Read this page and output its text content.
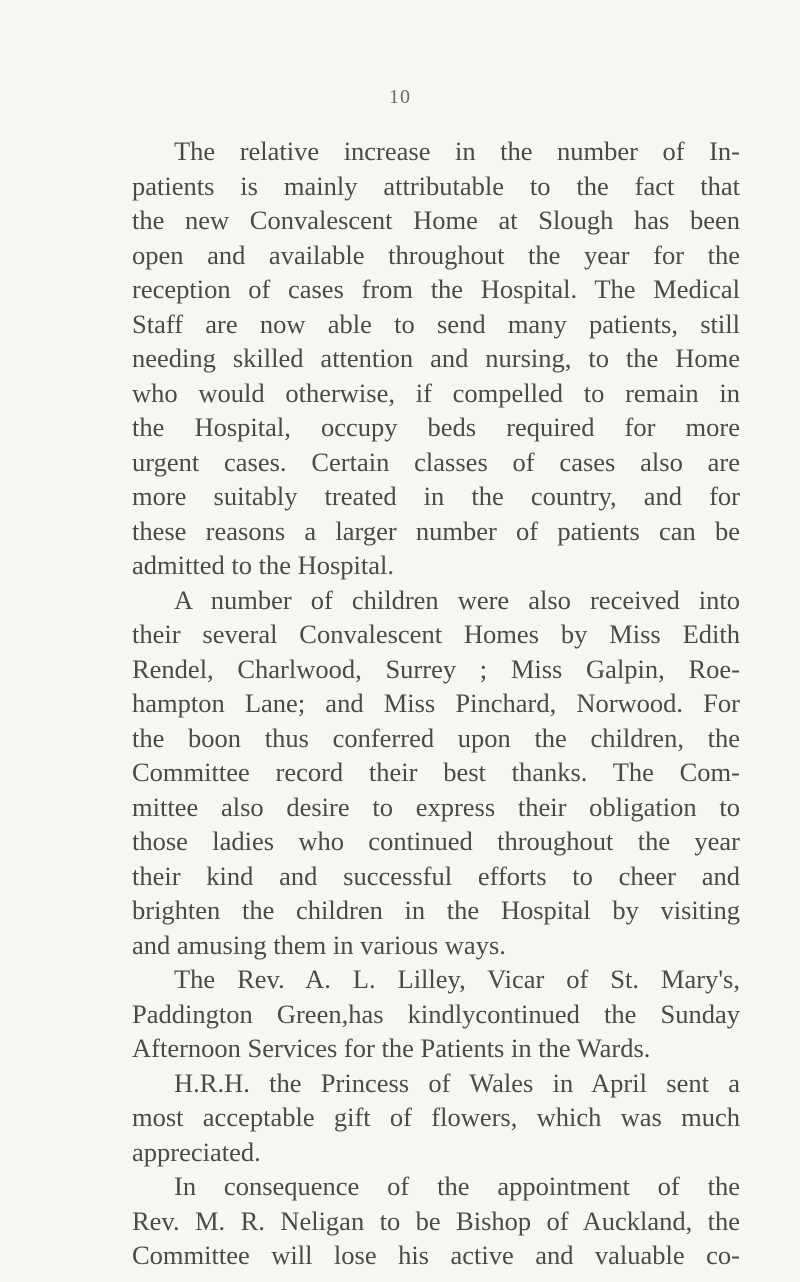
10
The relative increase in the number of In-
patients is mainly attributable to the fact that
the new Convalescent Home at Slough has been
open and available throughout the year for the
reception of cases from the Hospital. The Medical
Staff are now able to send many patients, still
needing skilled attention and nursing, to the Home
who would otherwise, if compelled to remain in
the Hospital, occupy beds required for more
urgent cases. Certain classes of cases also are
more suitably treated in the country, and for
these reasons a larger number of patients can be
admitted to the Hospital.
A number of children were also received into
their several Convalescent Homes by Miss Edith
Rendel, Charlwood, Surrey ; Miss Galpin, Roe-
hampton Lane; and Miss Pinchard, Norwood. For
the boon thus conferred upon the children, the
Committee record their best thanks. The Com-
mittee also desire to express their obligation to
those ladies who continued throughout the year
their kind and successful efforts to cheer and
brighten the children in the Hospital by visiting
and amusing them in various ways.
The Rev. A. L. Lilley, Vicar of St. Mary's,
Paddington Green,has kindlycontinued the Sunday
Afternoon Services for the Patients in the Wards.
H.R.H. the Princess of Wales in April sent a
most acceptable gift of flowers, which was much
appreciated.
In consequence of the appointment of the
Rev. M. R. Neligan to be Bishop of Auckland, the
Committee will lose his active and valuable co-
